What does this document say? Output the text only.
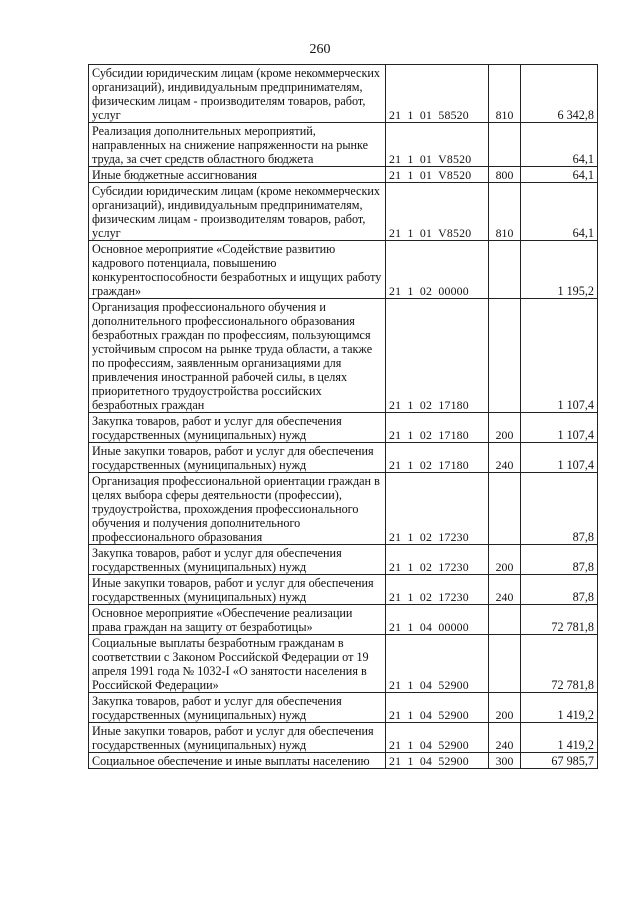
260
Субсидии юридическим лицам (кроме некоммерческих организаций), индивидуальным предпринимателям, физическим лицам - производителям товаров, работ, услуг	21  1  01  58520	810	6 342,8
Реализация дополнительных мероприятий, направленных на снижение напряженности на рынке труда, за счет средств областного бюджета	21  1  01  V8520		64,1
Иные бюджетные ассигнования	21  1  01  V8520	800	64,1
Субсидии юридическим лицам (кроме некоммерческих организаций), индивидуальным предпринимателям, физическим лицам - производителям товаров, работ, услуг	21  1  01  V8520	810	64,1
Основное мероприятие «Содействие развитию кадрового потенциала, повышению конкурентоспособности безработных и ищущих работу граждан»	21  1  02  00000		1 195,2
Организация профессионального обучения и дополнительного профессионального образования безработных граждан по профессиям, пользующимся устойчивым спросом на рынке труда области, а также по профессиям, заявленным организациями для привлечения иностранной рабочей силы, в целях приоритетного трудоустройства российских безработных граждан	21  1  02  17180		1 107,4
Закупка товаров, работ и услуг для обеспечения государственных (муниципальных) нужд	21  1  02  17180	200	1 107,4
Иные закупки товаров, работ и услуг для обеспечения государственных (муниципальных) нужд	21  1  02  17180	240	1 107,4
Организация профессиональной ориентации граждан в целях выбора сферы деятельности (профессии), трудоустройства, прохождения профессионального обучения и получения дополнительного профессионального образования	21  1  02  17230		87,8
Закупка товаров, работ и услуг для обеспечения государственных (муниципальных) нужд	21  1  02  17230	200	87,8
Иные закупки товаров, работ и услуг для обеспечения государственных (муниципальных) нужд	21  1  02  17230	240	87,8
Основное мероприятие «Обеспечение реализации права граждан на защиту от безработицы»	21  1  04  00000		72 781,8
Социальные выплаты безработным гражданам в соответствии с Законом Российской Федерации от 19 апреля 1991 года № 1032-I «О занятости населения в Российской Федерации»	21  1  04  52900		72 781,8
Закупка товаров, работ и услуг для обеспечения государственных (муниципальных) нужд	21  1  04  52900	200	1 419,2
Иные закупки товаров, работ и услуг для обеспечения государственных (муниципальных) нужд	21  1  04  52900	240	1 419,2
Социальное обеспечение и иные выплаты населению	21  1  04  52900	300	67 985,7
